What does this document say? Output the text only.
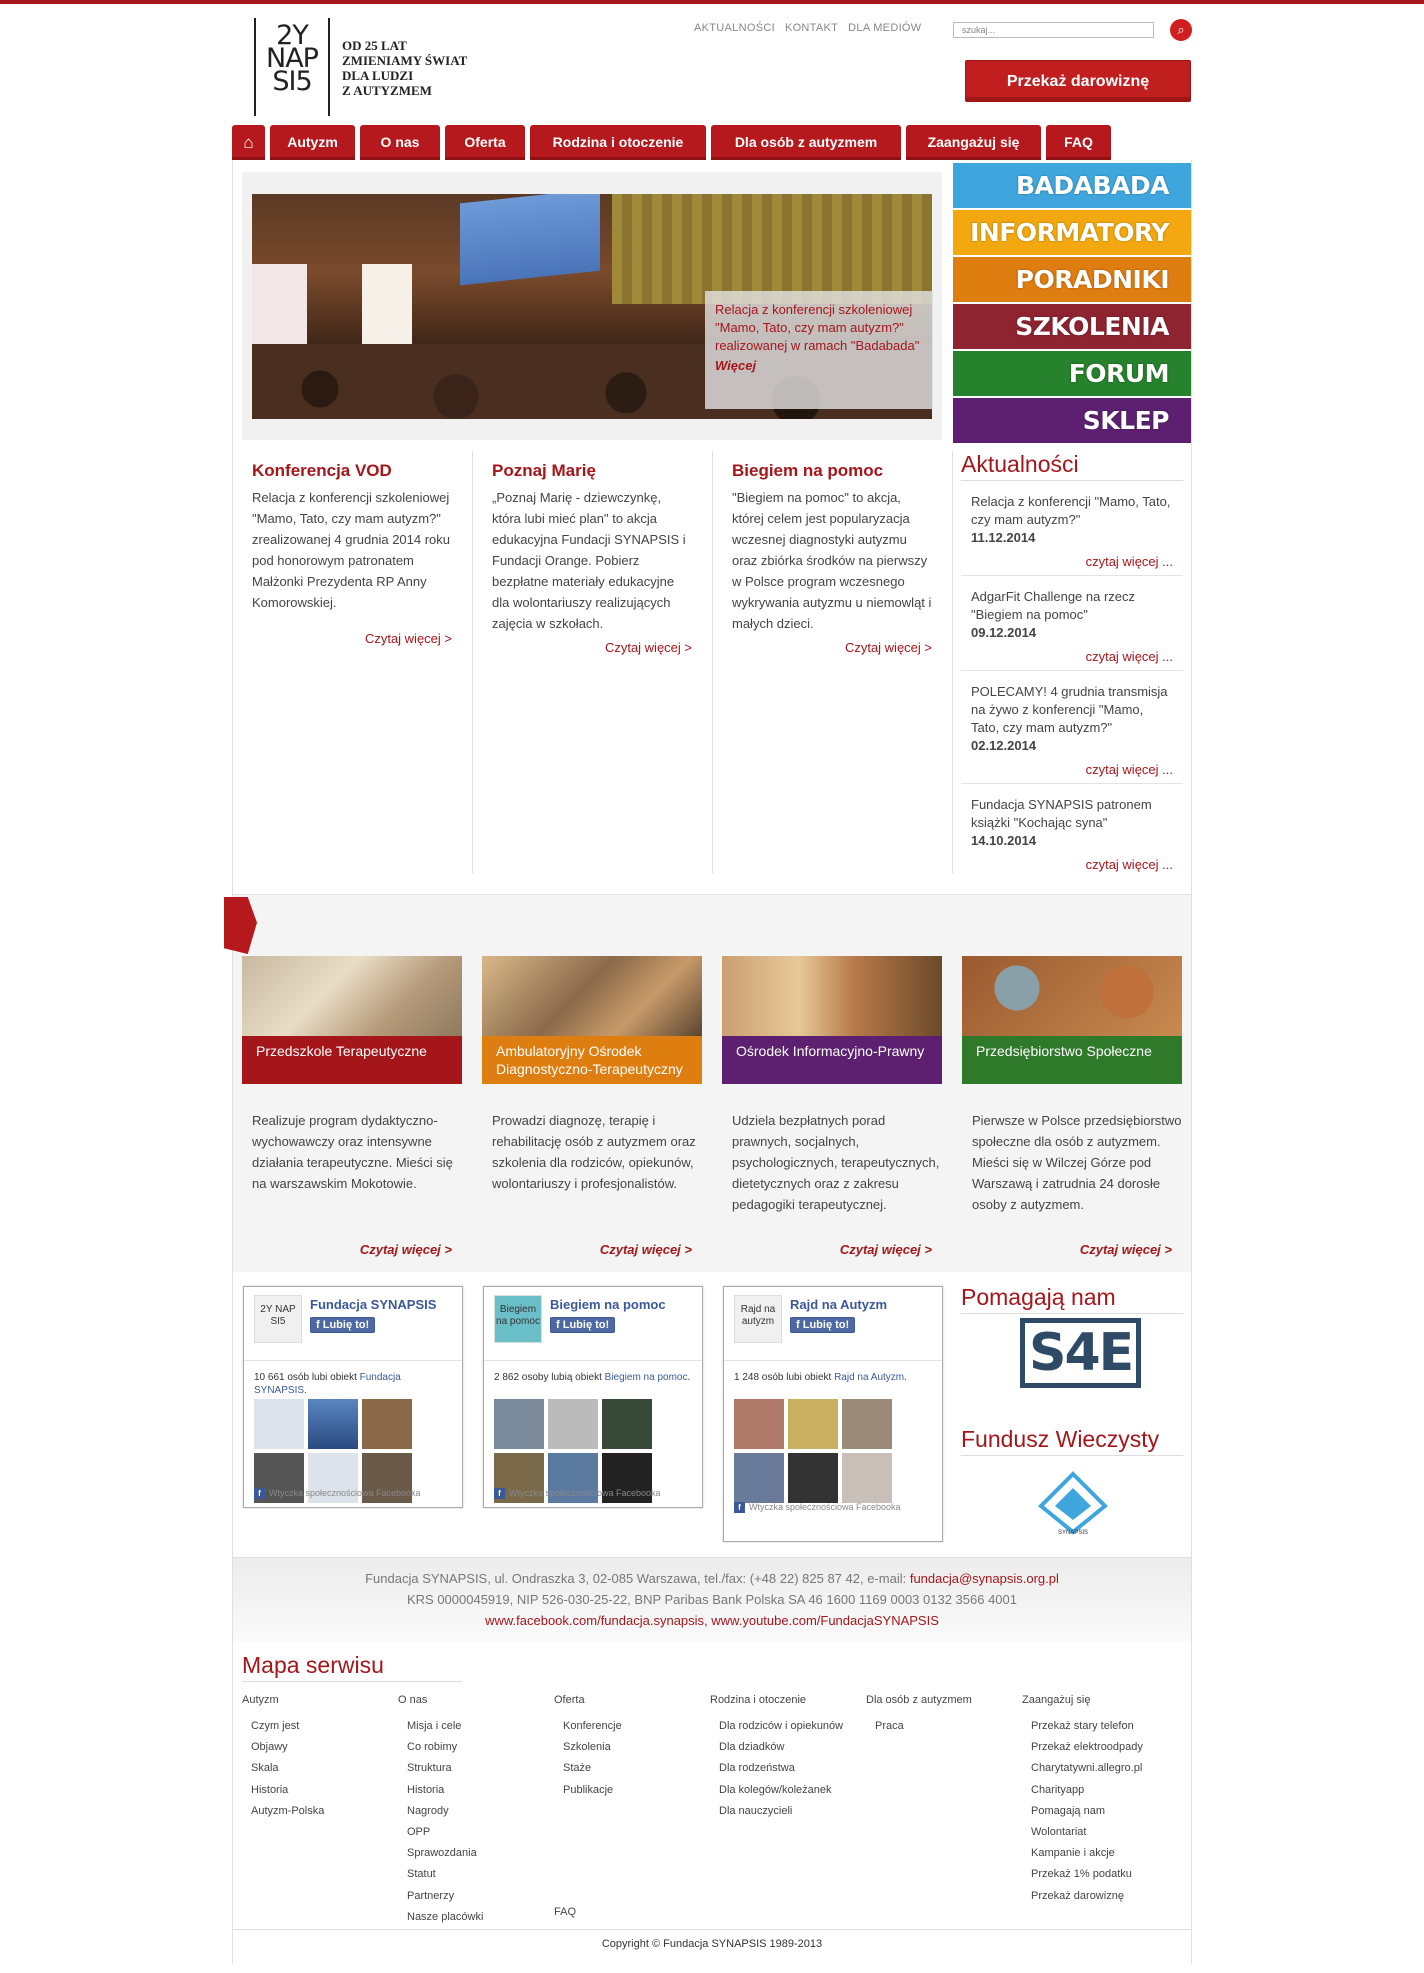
2Y
NAP
SI5
OD 25 LAT
ZMIENIAMY ŚWIAT
DLA LUDZI
Z AUTYZMEM
AKTUALNOŚCI KONTAKT DLA MEDIÓW	szukaj...	⌕
Przekaż darowiznę
⌂	Autyzm	O nas	Oferta	Rodzina i otoczenie	Dla osób z autyzmem	Zaangażuj się	FAQ
Relacja z konferencji szkoleniowej "Mamo, Tato, czy mam autyzm?" realizowanej w ramach "Badabada"
Więcej
BADABADA
INFORMATORY
PORADNIKI
SZKOLENIA
FORUM
SKLEP
Konferencja VOD

Relacja z konferencji szkoleniowej "Mamo, Tato, czy mam autyzm?" zrealizowanej 4 grudnia 2014 roku pod honorowym patronatem Małżonki Prezydenta RP Anny Komorowskiej.

Czytaj więcej >
Poznaj Marię

„Poznaj Marię - dziewczynkę, która lubi mieć plan" to akcja edukacyjna Fundacji SYNAPSIS i Fundacji Orange. Pobierz bezpłatne materiały edukacyjne dla wolontariuszy realizujących zajęcia w szkołach.

Czytaj więcej >
Biegiem na pomoc

"Biegiem na pomoc" to akcja, której celem jest popularyzacja wczesnej diagnostyki autyzmu oraz zbiórka środków na pierwszy w Polsce program wczesnego wykrywania autyzmu u niemowląt i małych dzieci.

Czytaj więcej >
Aktualności
Relacja z konferencji "Mamo, Tato, czy mam autyzm?"
11.12.2014
czytaj więcej ...
AdgarFit Challenge na rzecz "Biegiem na pomoc"
09.12.2014
czytaj więcej ...
POLECAMY! 4 grudnia transmisja na żywo z konferencji "Mamo, Tato, czy mam autyzm?"
02.12.2014
czytaj więcej ...
Fundacja SYNAPSIS patronem książki "Kochając syna"
14.10.2014
czytaj więcej ...
Przedszkole Terapeutyczne

Realizuje program dydaktyczno-wychowawczy oraz intensywne działania terapeutyczne. Mieści się na warszawskim Mokotowie.

Czytaj więcej >
Ambulatoryjny Ośrodek Diagnostyczno-Terapeutyczny

Prowadzi diagnozę, terapię i rehabilitację osób z autyzmem oraz szkolenia dla rodziców, opiekunów, wolontariuszy i profesjonalistów.

Czytaj więcej >
Ośrodek Informacyjno-Prawny

Udziela bezpłatnych porad prawnych, socjalnych, psychologicznych, terapeutycznych, dietetycznych oraz z zakresu pedagogiki terapeutycznej.

Czytaj więcej >
Przedsiębiorstwo Społeczne

Pierwsze w Polsce przedsiębiorstwo społeczne dla osób z autyzmem. Mieści się w Wilczej Górze pod Warszawą i zatrudnia 24 dorosłe osoby z autyzmem.

Czytaj więcej >
2Y NAP SI5
Fundacja SYNAPSIS
f Lubię to!
10 661 osób lubi obiekt Fundacja SYNAPSIS.
f Wtyczka społecznościowa Facebooka
Biegiem na pomoc
Biegiem na pomoc
f Lubię to!
2 862 osoby lubią obiekt Biegiem na pomoc.
f Wtyczka społecznościowa Facebooka
Rajd na autyzm
Rajd na Autyzm
f Lubię to!
1 248 osób lubi obiekt Rajd na Autyzm.
f Wtyczka społecznościowa Facebooka
Pomagają nam
S4E
Fundusz Wieczysty
SYNAPSIS
Fundacja SYNAPSIS, ul. Ondraszka 3, 02-085 Warszawa, tel./fax: (+48 22) 825 87 42, e-mail: fundacja@synapsis.org.pl
KRS 0000045919, NIP 526-030-25-22, BNP Paribas Bank Polska SA 46 1600 1169 0003 0132 3566 4001
www.facebook.com/fundacja.synapsis, www.youtube.com/FundacjaSYNAPSIS
Mapa serwisu
Autyzm
Czym jest
Objawy
Skala
Historia
Autyzm-Polska
O nas
Misja i cele
Co robimy
Struktura
Historia
Nagrody
OPP
Sprawozdania
Statut
Partnerzy
Nasze placówki
Oferta
Konferencje
Szkolenia
Staże
Publikacje
FAQ
Rodzina i otoczenie
Dla rodziców i opiekunów
Dla dziadków
Dla rodzeństwa
Dla kolegów/koleżanek
Dla nauczycieli
Dla osób z autyzmem
Praca
Zaangażuj się
Przekaż stary telefon
Przekaż elektroodpady
Charytatywni.allegro.pl
Charityapp
Pomagają nam
Wolontariat
Kampanie i akcje
Przekaż 1% podatku
Przekaż darowiznę
Copyright © Fundacja SYNAPSIS 1989-2013
